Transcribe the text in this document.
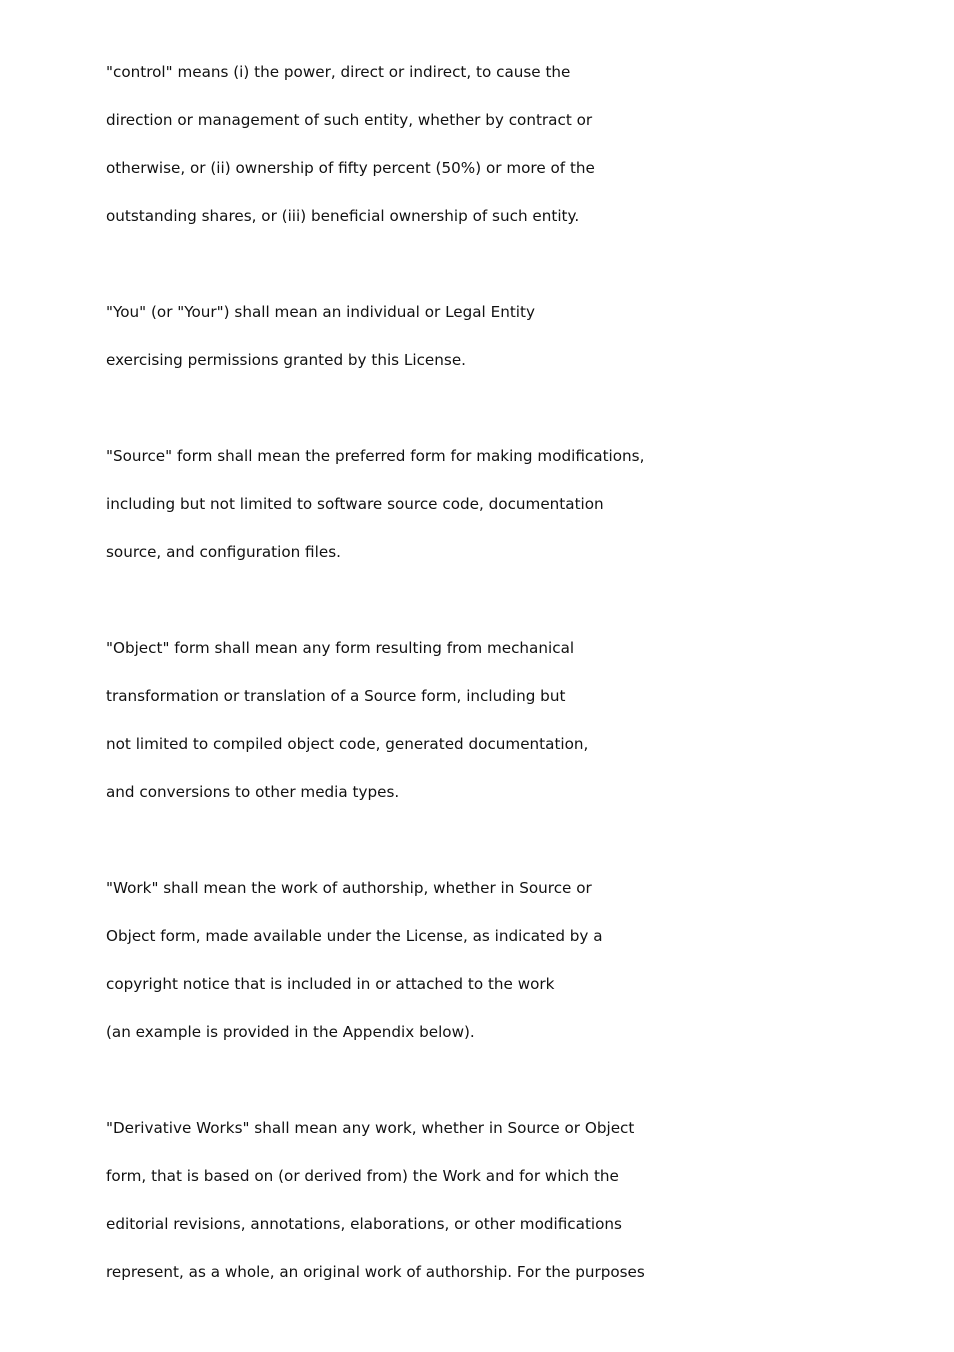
"control" means (i) the power, direct or indirect, to cause the
direction or management of such entity, whether by contract or
otherwise, or (ii) ownership of fifty percent (50%) or more of the
outstanding shares, or (iii) beneficial ownership of such entity.
"You" (or "Your") shall mean an individual or Legal Entity
exercising permissions granted by this License.
"Source" form shall mean the preferred form for making modifications,
including but not limited to software source code, documentation
source, and configuration files.
"Object" form shall mean any form resulting from mechanical
transformation or translation of a Source form, including but
not limited to compiled object code, generated documentation,
and conversions to other media types.
"Work" shall mean the work of authorship, whether in Source or
Object form, made available under the License, as indicated by a
copyright notice that is included in or attached to the work
(an example is provided in the Appendix below).
"Derivative Works" shall mean any work, whether in Source or Object
form, that is based on (or derived from) the Work and for which the
editorial revisions, annotations, elaborations, or other modifications
represent, as a whole, an original work of authorship. For the purposes
